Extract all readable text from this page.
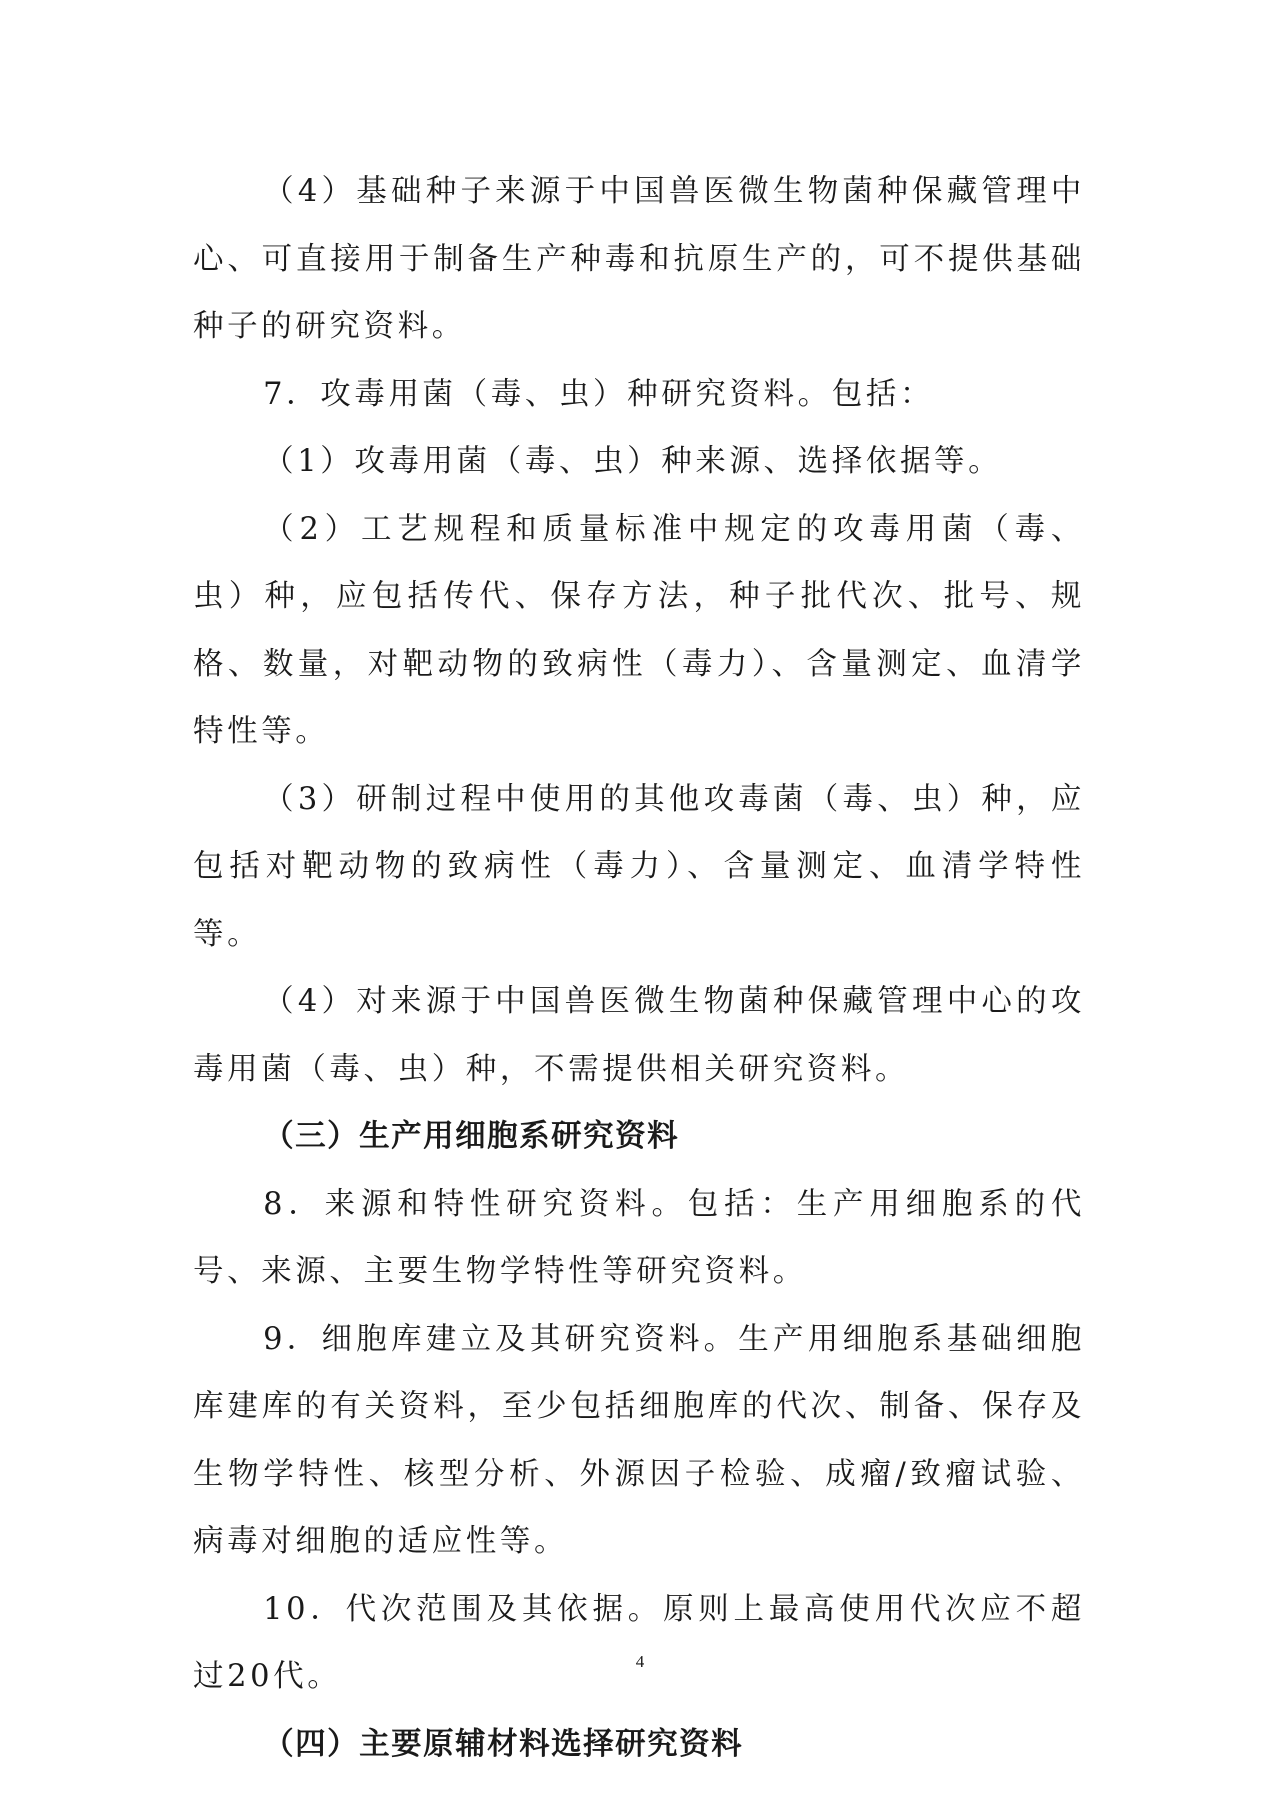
（4）基础种子来源于中国兽医微生物菌种保藏管理中心、可直接用于制备生产种毒和抗原生产的，可不提供基础种子的研究资料。

7．攻毒用菌（毒、虫）种研究资料。包括：

（1）攻毒用菌（毒、虫）种来源、选择依据等。

（2）工艺规程和质量标准中规定的攻毒用菌（毒、虫）种，应包括传代、保存方法，种子批代次、批号、规格、数量，对靶动物的致病性（毒力）、含量测定、血清学特性等。

（3）研制过程中使用的其他攻毒菌（毒、虫）种，应包括对靶动物的致病性（毒力）、含量测定、血清学特性等。

（4）对来源于中国兽医微生物菌种保藏管理中心的攻毒用菌（毒、虫）种，不需提供相关研究资料。

（三）生产用细胞系研究资料

8．来源和特性研究资料。包括：生产用细胞系的代号、来源、主要生物学特性等研究资料。

9．细胞库建立及其研究资料。生产用细胞系基础细胞库建库的有关资料，至少包括细胞库的代次、制备、保存及生物学特性、核型分析、外源因子检验、成瘤/致瘤试验、病毒对细胞的适应性等。

10．代次范围及其依据。原则上最高使用代次应不超过20代。

（四）主要原辅材料选择研究资料

4
